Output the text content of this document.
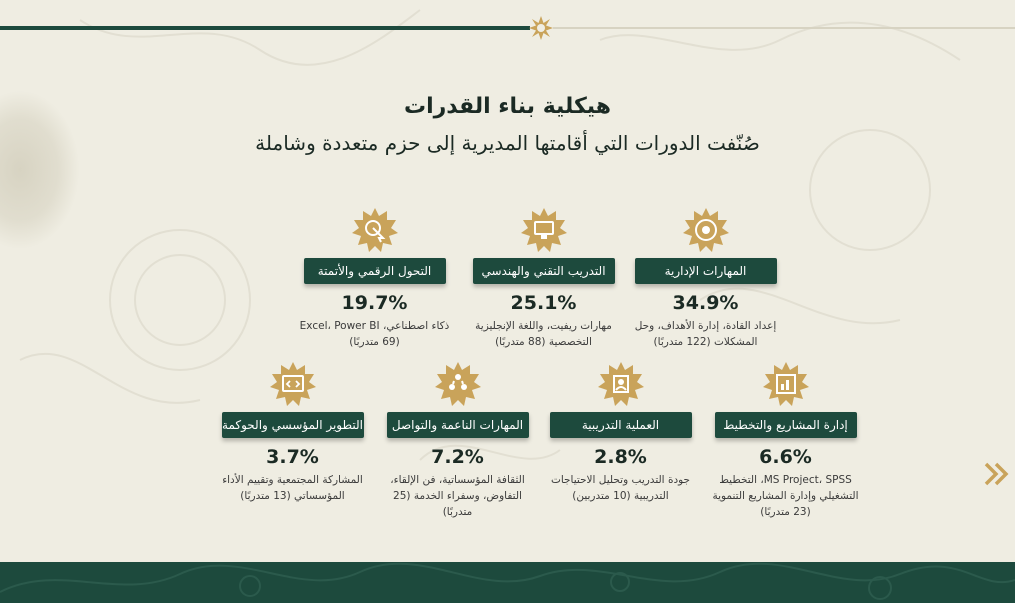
هيكلية بناء القدرات
صُنّفت الدورات التي أقامتها المديرية إلى حزم متعددة وشاملة
المهارات الإدارية
34.9%
إعداد القادة، إدارة الأهداف، وحل المشكلات (122 متدربًا)
التدريب التقني والهندسي
25.1%
مهارات ريفيت، واللغة الإنجليزية التخصصية (88 متدربًا)
التحول الرقمي والأتمتة
19.7%
ذكاء اصطناعي، Excel، Power BI (69 متدربًا)
إدارة المشاريع والتخطيط
6.6%
MS Project، SPSS، التخطيط التشغيلي وإدارة المشاريع التنموية (23 متدربًا)
العملية التدريبية
2.8%
جودة التدريب وتحليل الاحتياجات التدريبية (10 متدربين)
المهارات الناعمة والتواصل
7.2%
الثقافة المؤسساتية، فن الإلقاء، التفاوض، وسفراء الخدمة (25 متدربًا)
التطوير المؤسسي والحوكمة
3.7%
المشاركة المجتمعية وتقييم الأداء المؤسساتي (13 متدربًا)
